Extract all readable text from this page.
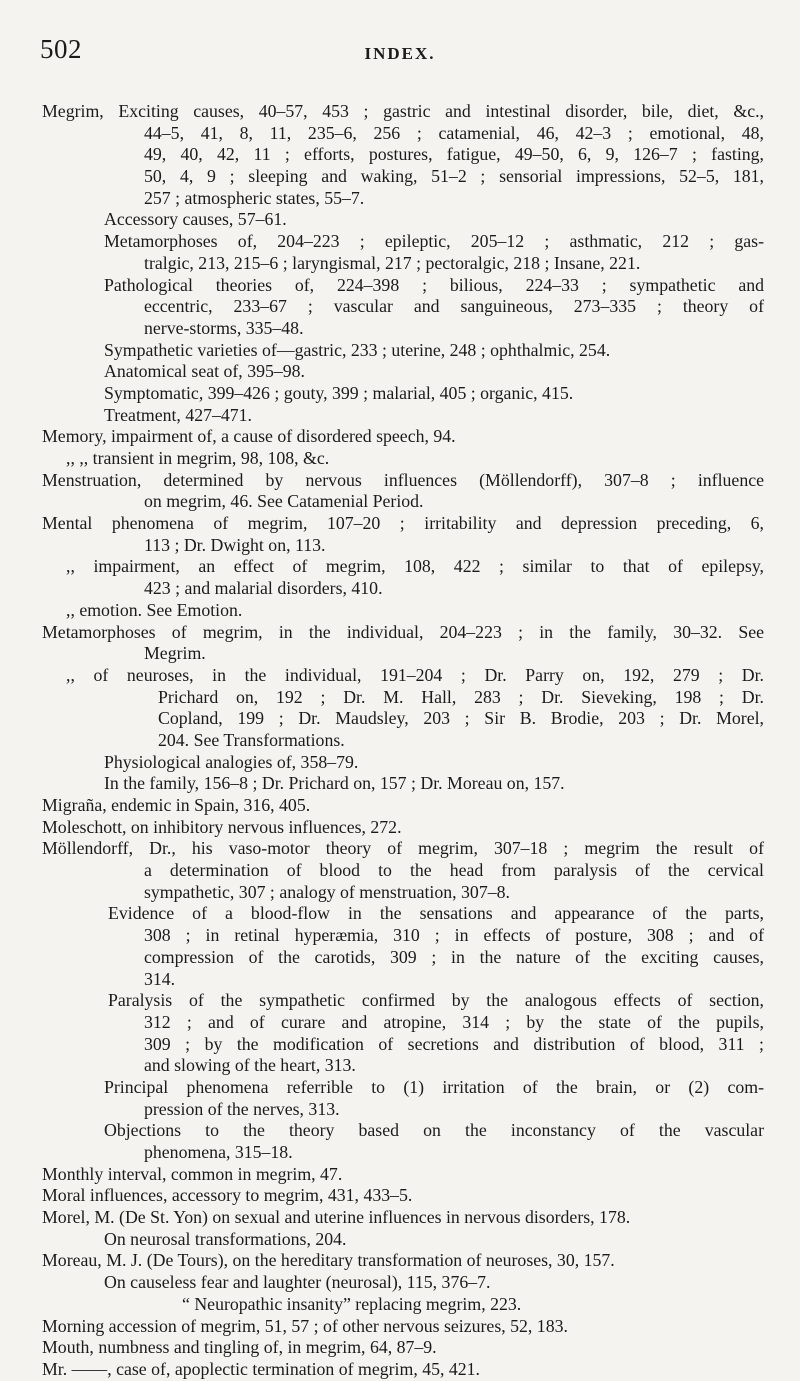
502	INDEX.
Megrim, Exciting causes, 40–57, 453 ; gastric and intestinal disorder, bile, diet, &c.,
44–5, 41, 8, 11, 235–6, 256 ; catamenial, 46, 42–3 ; emotional, 48,
49, 40, 42, 11 ; efforts, postures, fatigue, 49–50, 6, 9, 126–7 ; fasting,
50, 4, 9 ; sleeping and waking, 51–2 ; sensorial impressions, 52–5, 181,
257 ; atmospheric states, 55–7.
Accessory causes, 57–61.
Metamorphoses of, 204–223 ; epileptic, 205–12 ; asthmatic, 212 ; gas-
tralgic, 213, 215–6 ; laryngismal, 217 ; pectoralgic, 218 ; Insane, 221.
Pathological theories of, 224–398 ; bilious, 224–33 ; sympathetic and
eccentric, 233–67 ; vascular and sanguineous, 273–335 ; theory of
nerve-storms, 335–48.
Sympathetic varieties of—gastric, 233 ; uterine, 248 ; ophthalmic, 254.
Anatomical seat of, 395–98.
Symptomatic, 399–426 ; gouty, 399 ; malarial, 405 ; organic, 415.
Treatment, 427–471.
Memory, impairment of, a cause of disordered speech, 94.
,, ,, transient in megrim, 98, 108, &c.
Menstruation, determined by nervous influences (Möllendorff), 307–8 ; influence
on megrim, 46. See Catamenial Period.
Mental phenomena of megrim, 107–20 ; irritability and depression preceding, 6,
113 ; Dr. Dwight on, 113.
,, impairment, an effect of megrim, 108, 422 ; similar to that of epilepsy,
423 ; and malarial disorders, 410.
,, emotion. See Emotion.
Metamorphoses of megrim, in the individual, 204–223 ; in the family, 30–32. See
Megrim.
,, of neuroses, in the individual, 191–204 ; Dr. Parry on, 192, 279 ; Dr.
Prichard on, 192 ; Dr. M. Hall, 283 ; Dr. Sieveking, 198 ; Dr.
Copland, 199 ; Dr. Maudsley, 203 ; Sir B. Brodie, 203 ; Dr. Morel,
204. See Transformations.
Physiological analogies of, 358–79.
In the family, 156–8 ; Dr. Prichard on, 157 ; Dr. Moreau on, 157.
Migraña, endemic in Spain, 316, 405.
Moleschott, on inhibitory nervous influences, 272.
Möllendorff, Dr., his vaso-motor theory of megrim, 307–18 ; megrim the result of
a determination of blood to the head from paralysis of the cervical
sympathetic, 307 ; analogy of menstruation, 307–8.
Evidence of a blood-flow in the sensations and appearance of the parts,
308 ; in retinal hyperæmia, 310 ; in effects of posture, 308 ; and of
compression of the carotids, 309 ; in the nature of the exciting causes,
314.
Paralysis of the sympathetic confirmed by the analogous effects of section,
312 ; and of curare and atropine, 314 ; by the state of the pupils,
309 ; by the modification of secretions and distribution of blood, 311 ;
and slowing of the heart, 313.
Principal phenomena referrible to (1) irritation of the brain, or (2) com-
pression of the nerves, 313.
Objections to the theory based on the inconstancy of the vascular
phenomena, 315–18.
Monthly interval, common in megrim, 47.
Moral influences, accessory to megrim, 431, 433–5.
Morel, M. (De St. Yon) on sexual and uterine influences in nervous disorders, 178.
On neurosal transformations, 204.
Moreau, M. J. (De Tours), on the hereditary transformation of neuroses, 30, 157.
On causeless fear and laughter (neurosal), 115, 376–7.
“ Neuropathic insanity” replacing megrim, 223.
Morning accession of megrim, 51, 57 ; of other nervous seizures, 52, 183.
Mouth, numbness and tingling of, in megrim, 64, 87–9.
Mr. ——, case of, apoplectic termination of megrim, 45, 421.
